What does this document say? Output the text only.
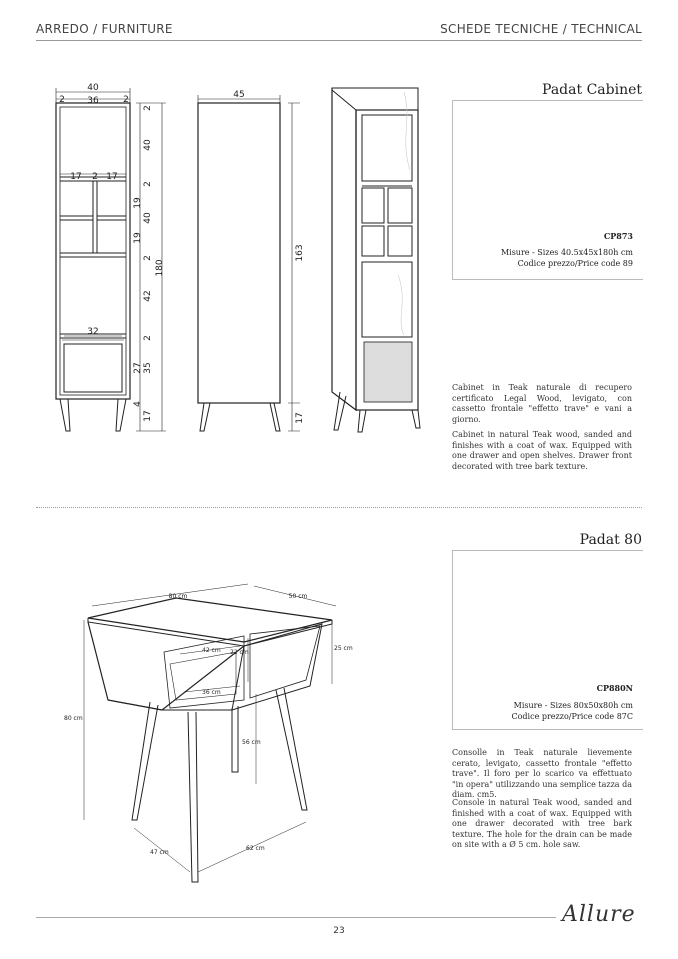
ARREDO / FURNITURE	SCHEDE TECNICHE / TECHNICAL
40
2 36	2
17 2 17
32
2
40
2
19
40
19
2
42
2
27 35
4
17
180
45
163
17
Padat Cabinet
CP873
Misure - Sizes 40.5x45x180h cm
Codice prezzo/Price code 89
Cabinet in Teak naturale di recupero certificato Legal Wood, levigato, con cassetto frontale "effetto trave" e vani a giorno.
Cabinet in natural Teak wood, sanded and finishes with a coat of wax. Equipped with one drawer and open shelves. Drawer front decorated with tree bark texture.
80 cm	50 cm
80 cm
25 cm
42 cm 22 cm
36 cm
56 cm
47 cm
62 cm
Padat 80
CP880N
Misure - Sizes 80x50x80h cm
Codice prezzo/Price code 87C
Consolle in Teak naturale lievemente cerato, levigato, cassetto frontale "effetto trave". Il foro per lo scarico va effettuato "in opera" utilizzando una semplice tazza da diam. cm5.
Console in natural Teak wood, sanded and finished with a coat of wax. Equipped with one drawer decorated with tree bark texture. The hole for the drain can be made on site with a Ø 5 cm. hole saw.
Allure
23
